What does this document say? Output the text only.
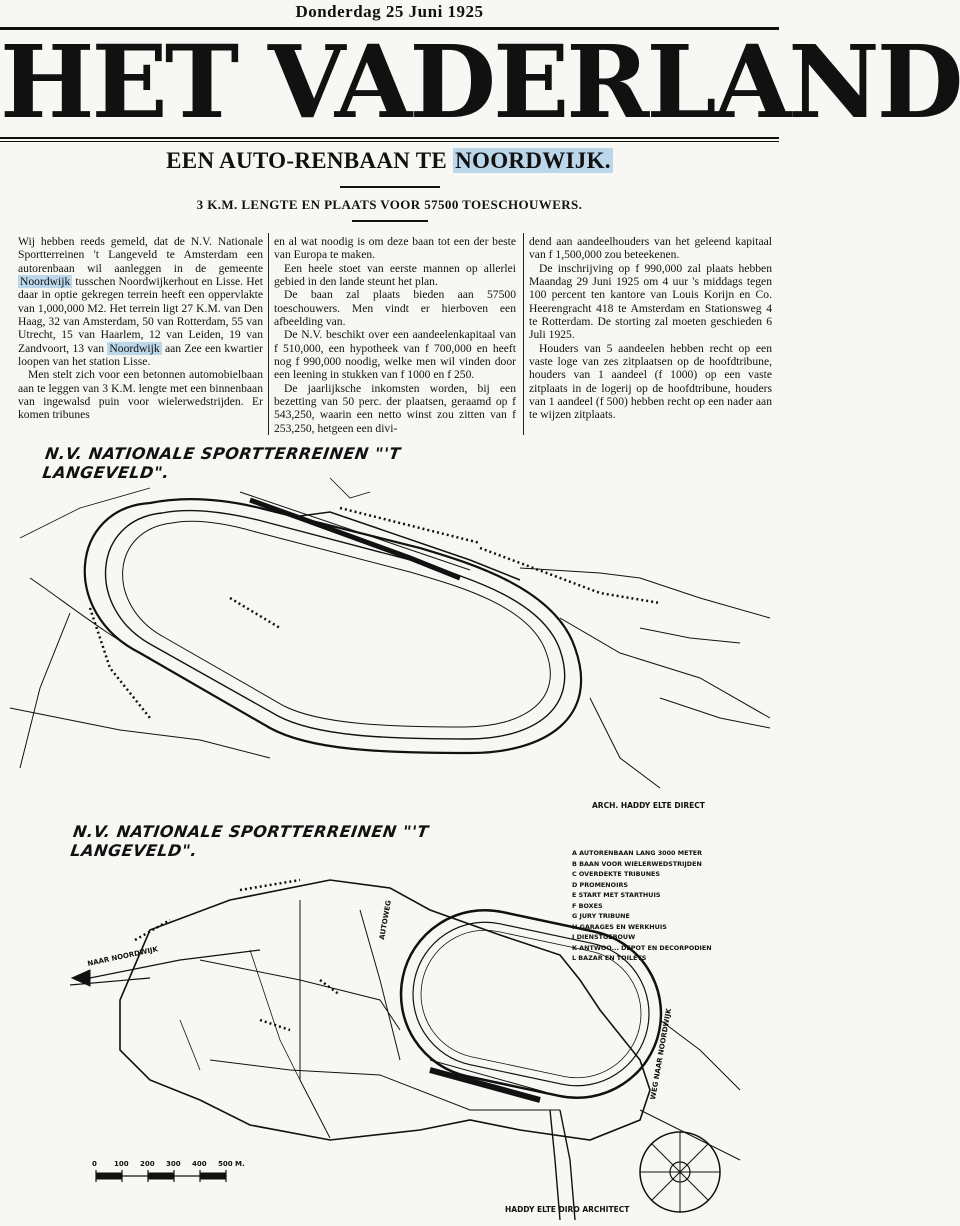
Donderdag 25 Juni 1925
HET VADERLAND
EEN AUTO-RENBAAN TE NOORDWIJK.
3 K.M. LENGTE EN PLAATS VOOR 57500 TOESCHOUWERS.

Wij hebben reeds gemeld, dat de N.V. Nationale Sportterreinen 't Langeveld te Amsterdam een autorenbaan wil aanleggen in de gemeente Noordwijk tusschen Noordwijkerhout en Lisse. Het daar in optie gekregen terrein heeft een oppervlakte van 1,000,000 M2. Het terrein ligt 27 K.M. van Den Haag, 32 van Amsterdam, 50 van Rotterdam, 55 van Utrecht, 15 van Haarlem, 12 van Leiden, 19 van Zandvoort, 13 van Noordwijk aan Zee een kwartier loopen van het station Lisse.

Men stelt zich voor een betonnen automobielbaan aan te leggen van 3 K.M. lengte met een binnenbaan van ingewalsd puin voor wielerwedstrijden. Er komen tribunes

en al wat noodig is om deze baan tot een der beste van Europa te maken.

Een heele stoet van eerste mannen op allerlei gebied in den lande steunt het plan.

De baan zal plaats bieden aan 57500 toeschouwers. Men vindt er hierboven een afbeelding van.

De N.V. beschikt over een aandeelenkapitaal van f 510,000, een hypotheek van f 700,000 en heeft nog f 990,000 noodig, welke men wil vinden door een leening in stukken van f 1000 en f 250.

De jaarlijksche inkomsten worden, bij een bezetting van 50 perc. der plaatsen, geraamd op f 543,250, waarin een netto winst zou zitten van f 253,250, hetgeen een divi-

dend aan aandeelhouders van het geleend kapitaal van f 1,500,000 zou beteekenen.

De inschrijving op f 990,000 zal plaats hebben Maandag 29 Juni 1925 om 4 uur 's middags tegen 100 percent ten kantore van Louis Korijn en Co. Heerengracht 418 te Amsterdam en Stationsweg 4 te Rotterdam. De storting zal moeten geschieden 6 Juli 1925.

Houders van 5 aandeelen hebben recht op een vaste loge van zes zitplaatsen op de hoofdtribune, houders van 1 aandeel (f 1000) op een vaste zitplaats in de logerij op de hoofdtribune, houders van 1 aandeel (f 500) hebben recht op een nader aan te wijzen zitplaats.

N.V. NATIONALE SPORTTERREINEN "'T LANGEVELD".
ARCH. HADDY ELTE DIRECT
N.V. NATIONALE SPORTTERREINEN "'T LANGEVELD".	A AUTORENBAAN LANG 3000 METER
B BAAN VOOR WIELERWEDSTRIJDEN
C OVERDEKTE TRIBUNES
D PROMENOIRS
E START MET STARTHUIS
F BOXES
G JURY TRIBUNE
H GARAGES EN WERKHUIS
I DIENSTGEBOUW
K ANTWOO... DEPOT EN DECORPODIEN
L BAZAR EN TOILETS
NAAR NOORDWIJK
AUTOWEG
WEG NAAR NOORDWIJK
0 100 200 300 400 500 M.
HADDY ELTE DIRO ARCHITECT
